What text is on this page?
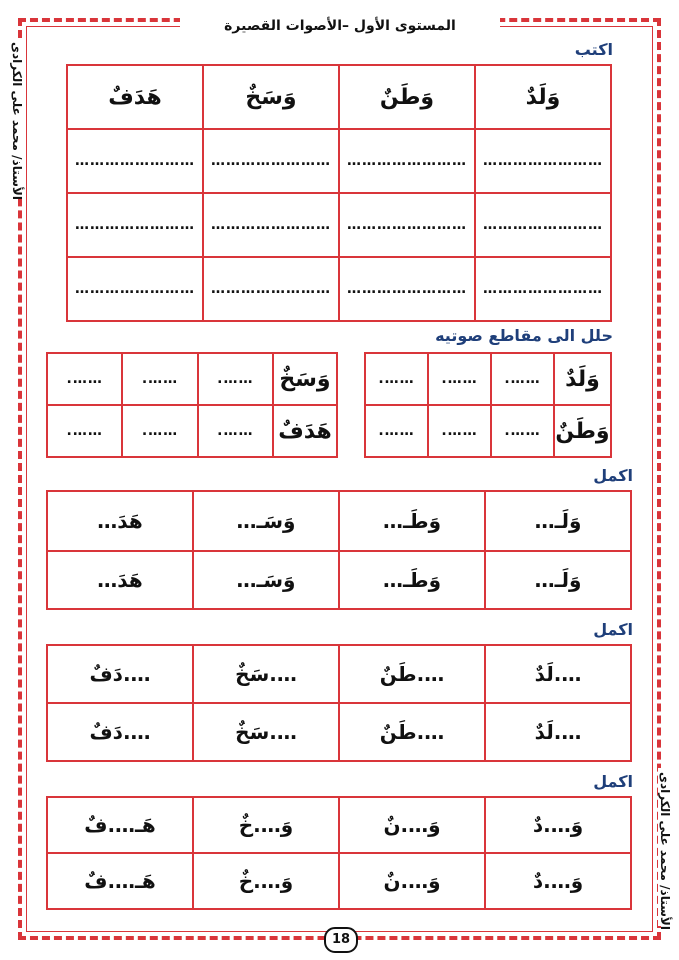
المستوى الأول –الأصوات القصيرة
الأستاذ/ محمد على الكرادى
الأستاذ/ محمد على الكرادى
اكتب
وَلَدٌ	وَطَنٌ	وَسَخٌ	هَدَفٌ
……………………	……………………	……………………	……………………
……………………	……………………	……………………	……………………
……………………	……………………	……………………	……………………
حلل الى مقاطع صوتيه
وَلَدٌ	…….	…….	…….
وَطَنٌ	…….	…….	…….
وَسَخٌ	…….	…….	…….
هَدَفٌ	…….	…….	…….
اكمل
وَلَـ…	وَطَـ…	وَسَـ…	هَدَ…
وَلَـ…	وَطَـ…	وَسَـ…	هَدَ…
اكمل
….لَدٌ	….طَنٌ	….سَخٌ	….دَفٌ
….لَدٌ	….طَنٌ	….سَخٌ	….دَفٌ
اكمل
وَ….دٌ	وَ….نٌ	وَ….خٌ	هَـ….فٌ
وَ….دٌ	وَ….نٌ	وَ….خٌ	هَـ….فٌ
18
